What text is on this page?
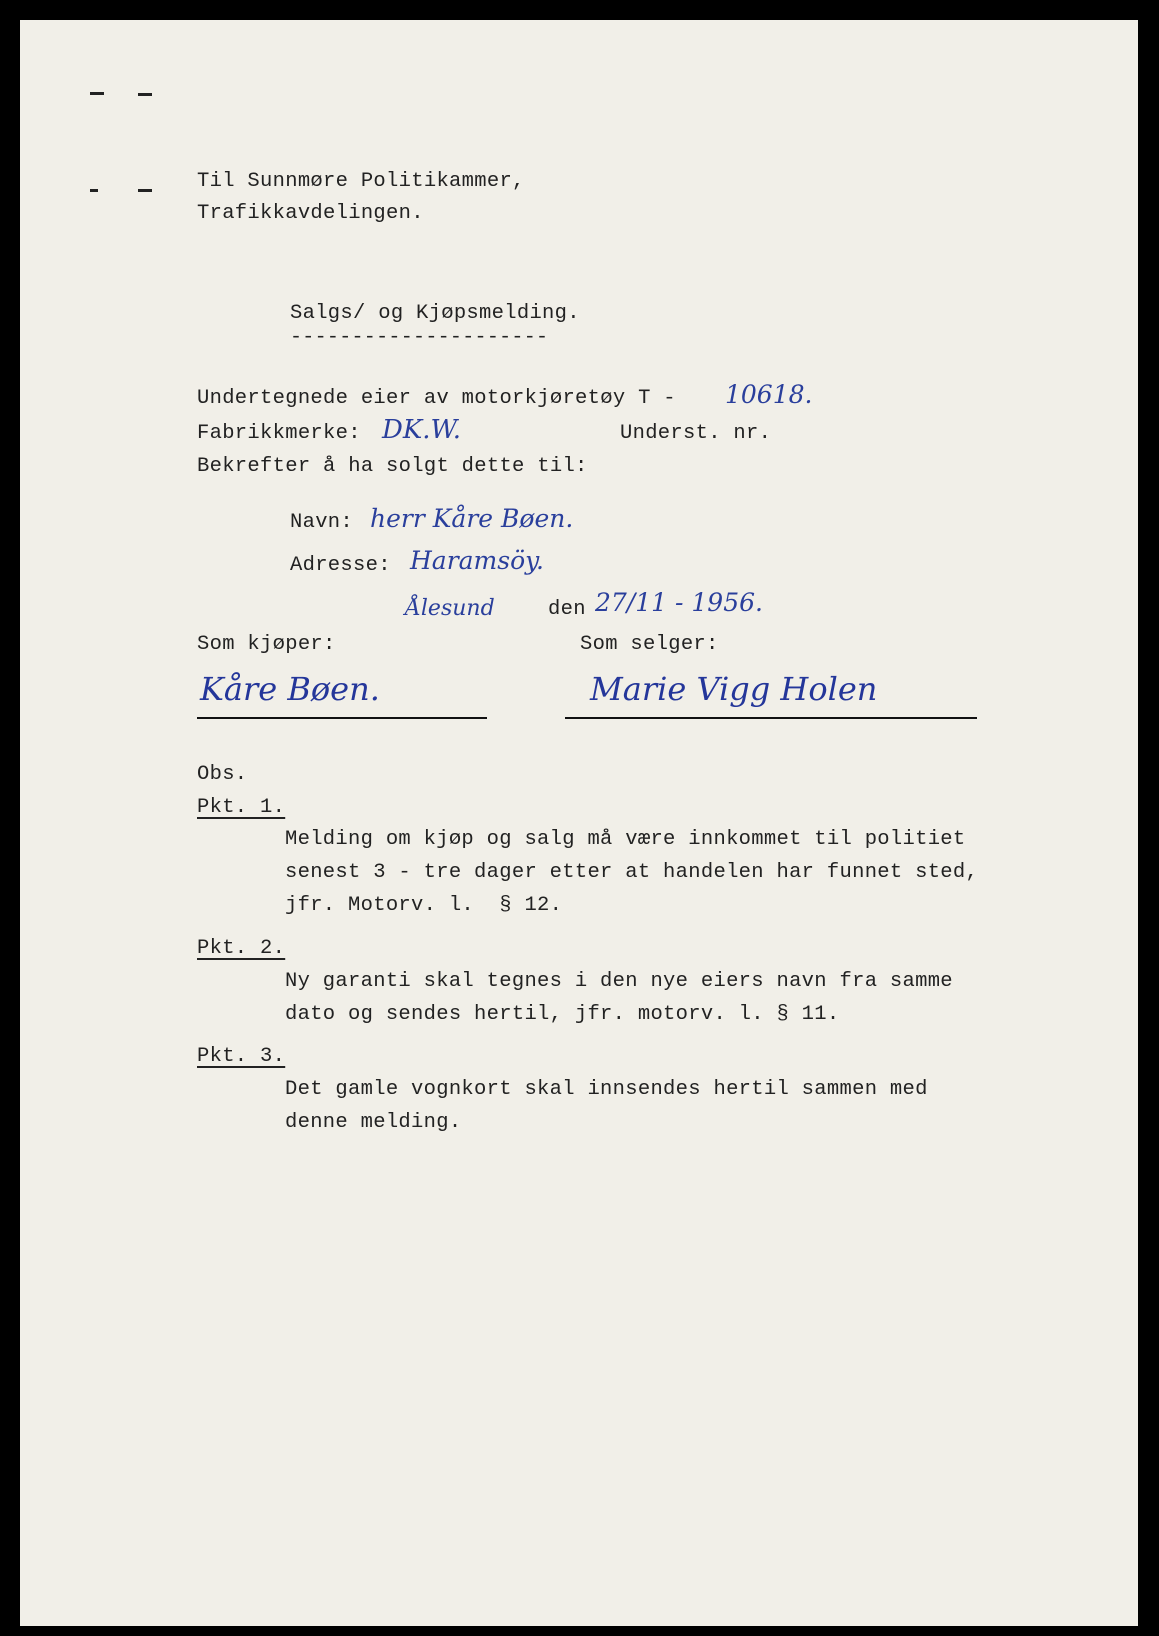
Til Sunnmøre Politikammer,
Trafikkavdelingen.
Salgs/ og Kjøpsmelding.
---------------------
Undertegnede eier av motorkjøretøy T - 10618.
Fabrikkmerke: DK.W.	Underst. nr.
Bekrefter å ha solgt dette til:
Navn: herr Kåre Bøen.
Adresse: Haramsöy.
Ålesund	den 27/11 - 1956.
Som kjøper:	Som selger:
Kåre Bøen.	Marie Vigg Holen
Obs.
Pkt. 1.
Melding om kjøp og salg må være innkommet til politiet
senest 3 - tre dager etter at handelen har funnet sted,
jfr. Motorv. l.  § 12.
Pkt. 2.
Ny garanti skal tegnes i den nye eiers navn fra samme
dato og sendes hertil, jfr. motorv. l. § 11.
Pkt. 3.
Det gamle vognkort skal innsendes hertil sammen med
denne melding.
